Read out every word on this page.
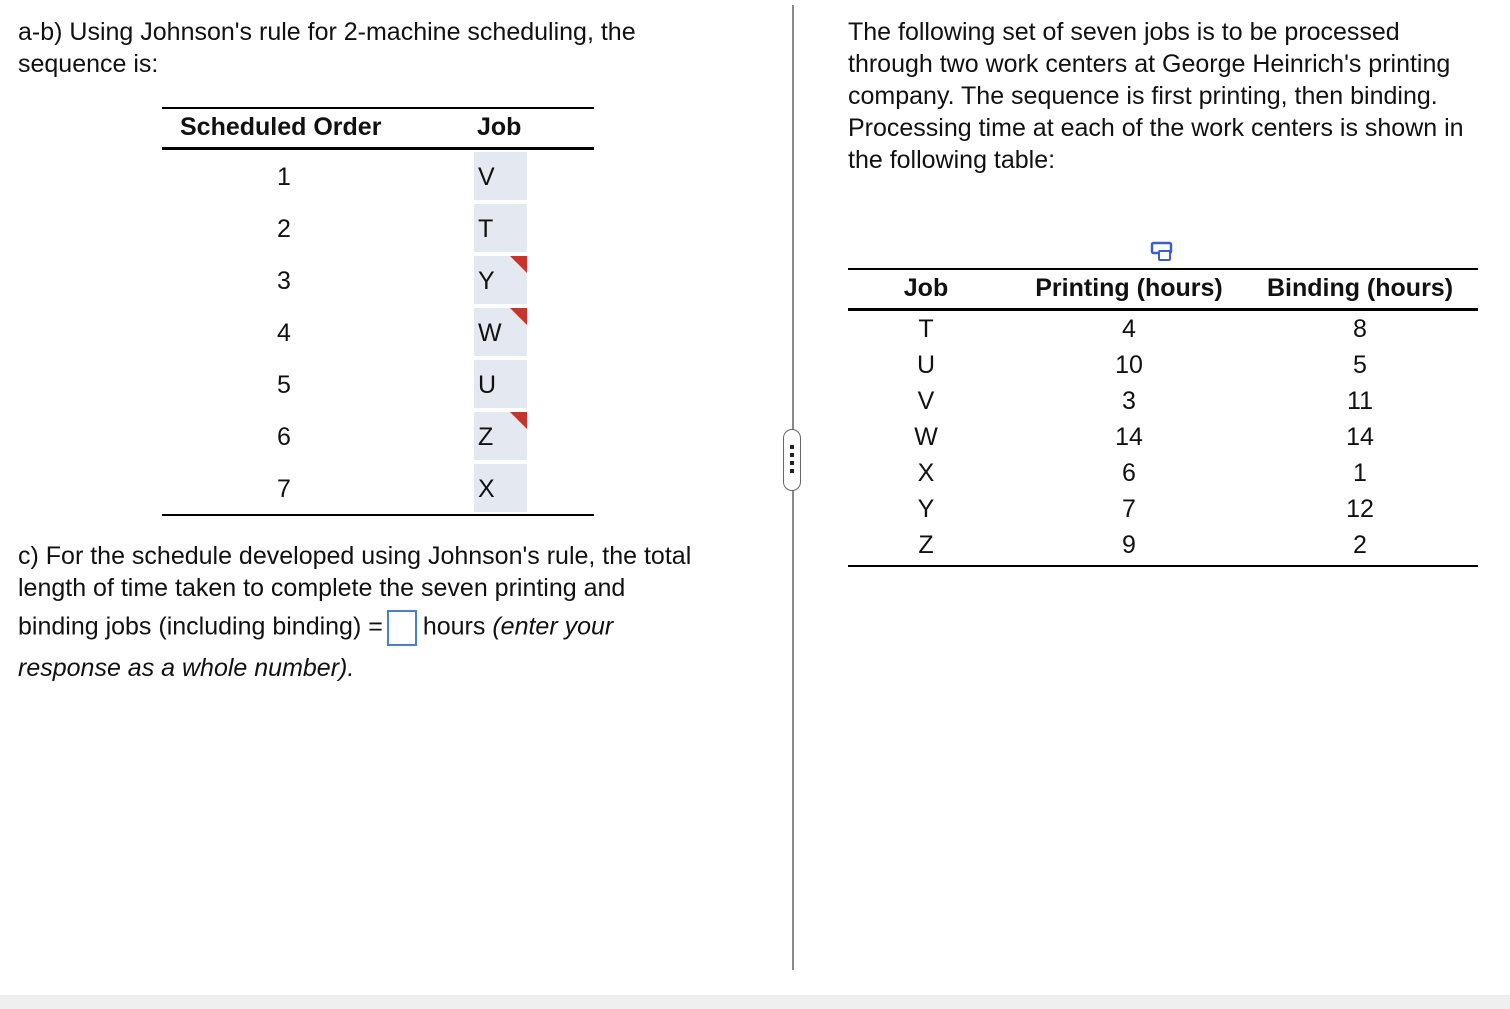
a-b) Using Johnson's rule for 2-machine scheduling, the sequence is:

Scheduled Order	Job
1	V
2	T
3	Y
4	W
5	U
6	Z
7	X
c) For the schedule developed using Johnson's rule, the total
length of time taken to complete the seven printing and
binding jobs (including binding) = hours (enter your
response as a whole number).

The following set of seven jobs is to be processed through two work centers at George Heinrich's printing company. The sequence is first printing, then binding. Processing time at each of the work centers is shown in the following table:

Job	Printing (hours)	Binding (hours)
T	4	8
U	10	5
V	3	11
W	14	14
X	6	1
Y	7	12
Z	9	2
